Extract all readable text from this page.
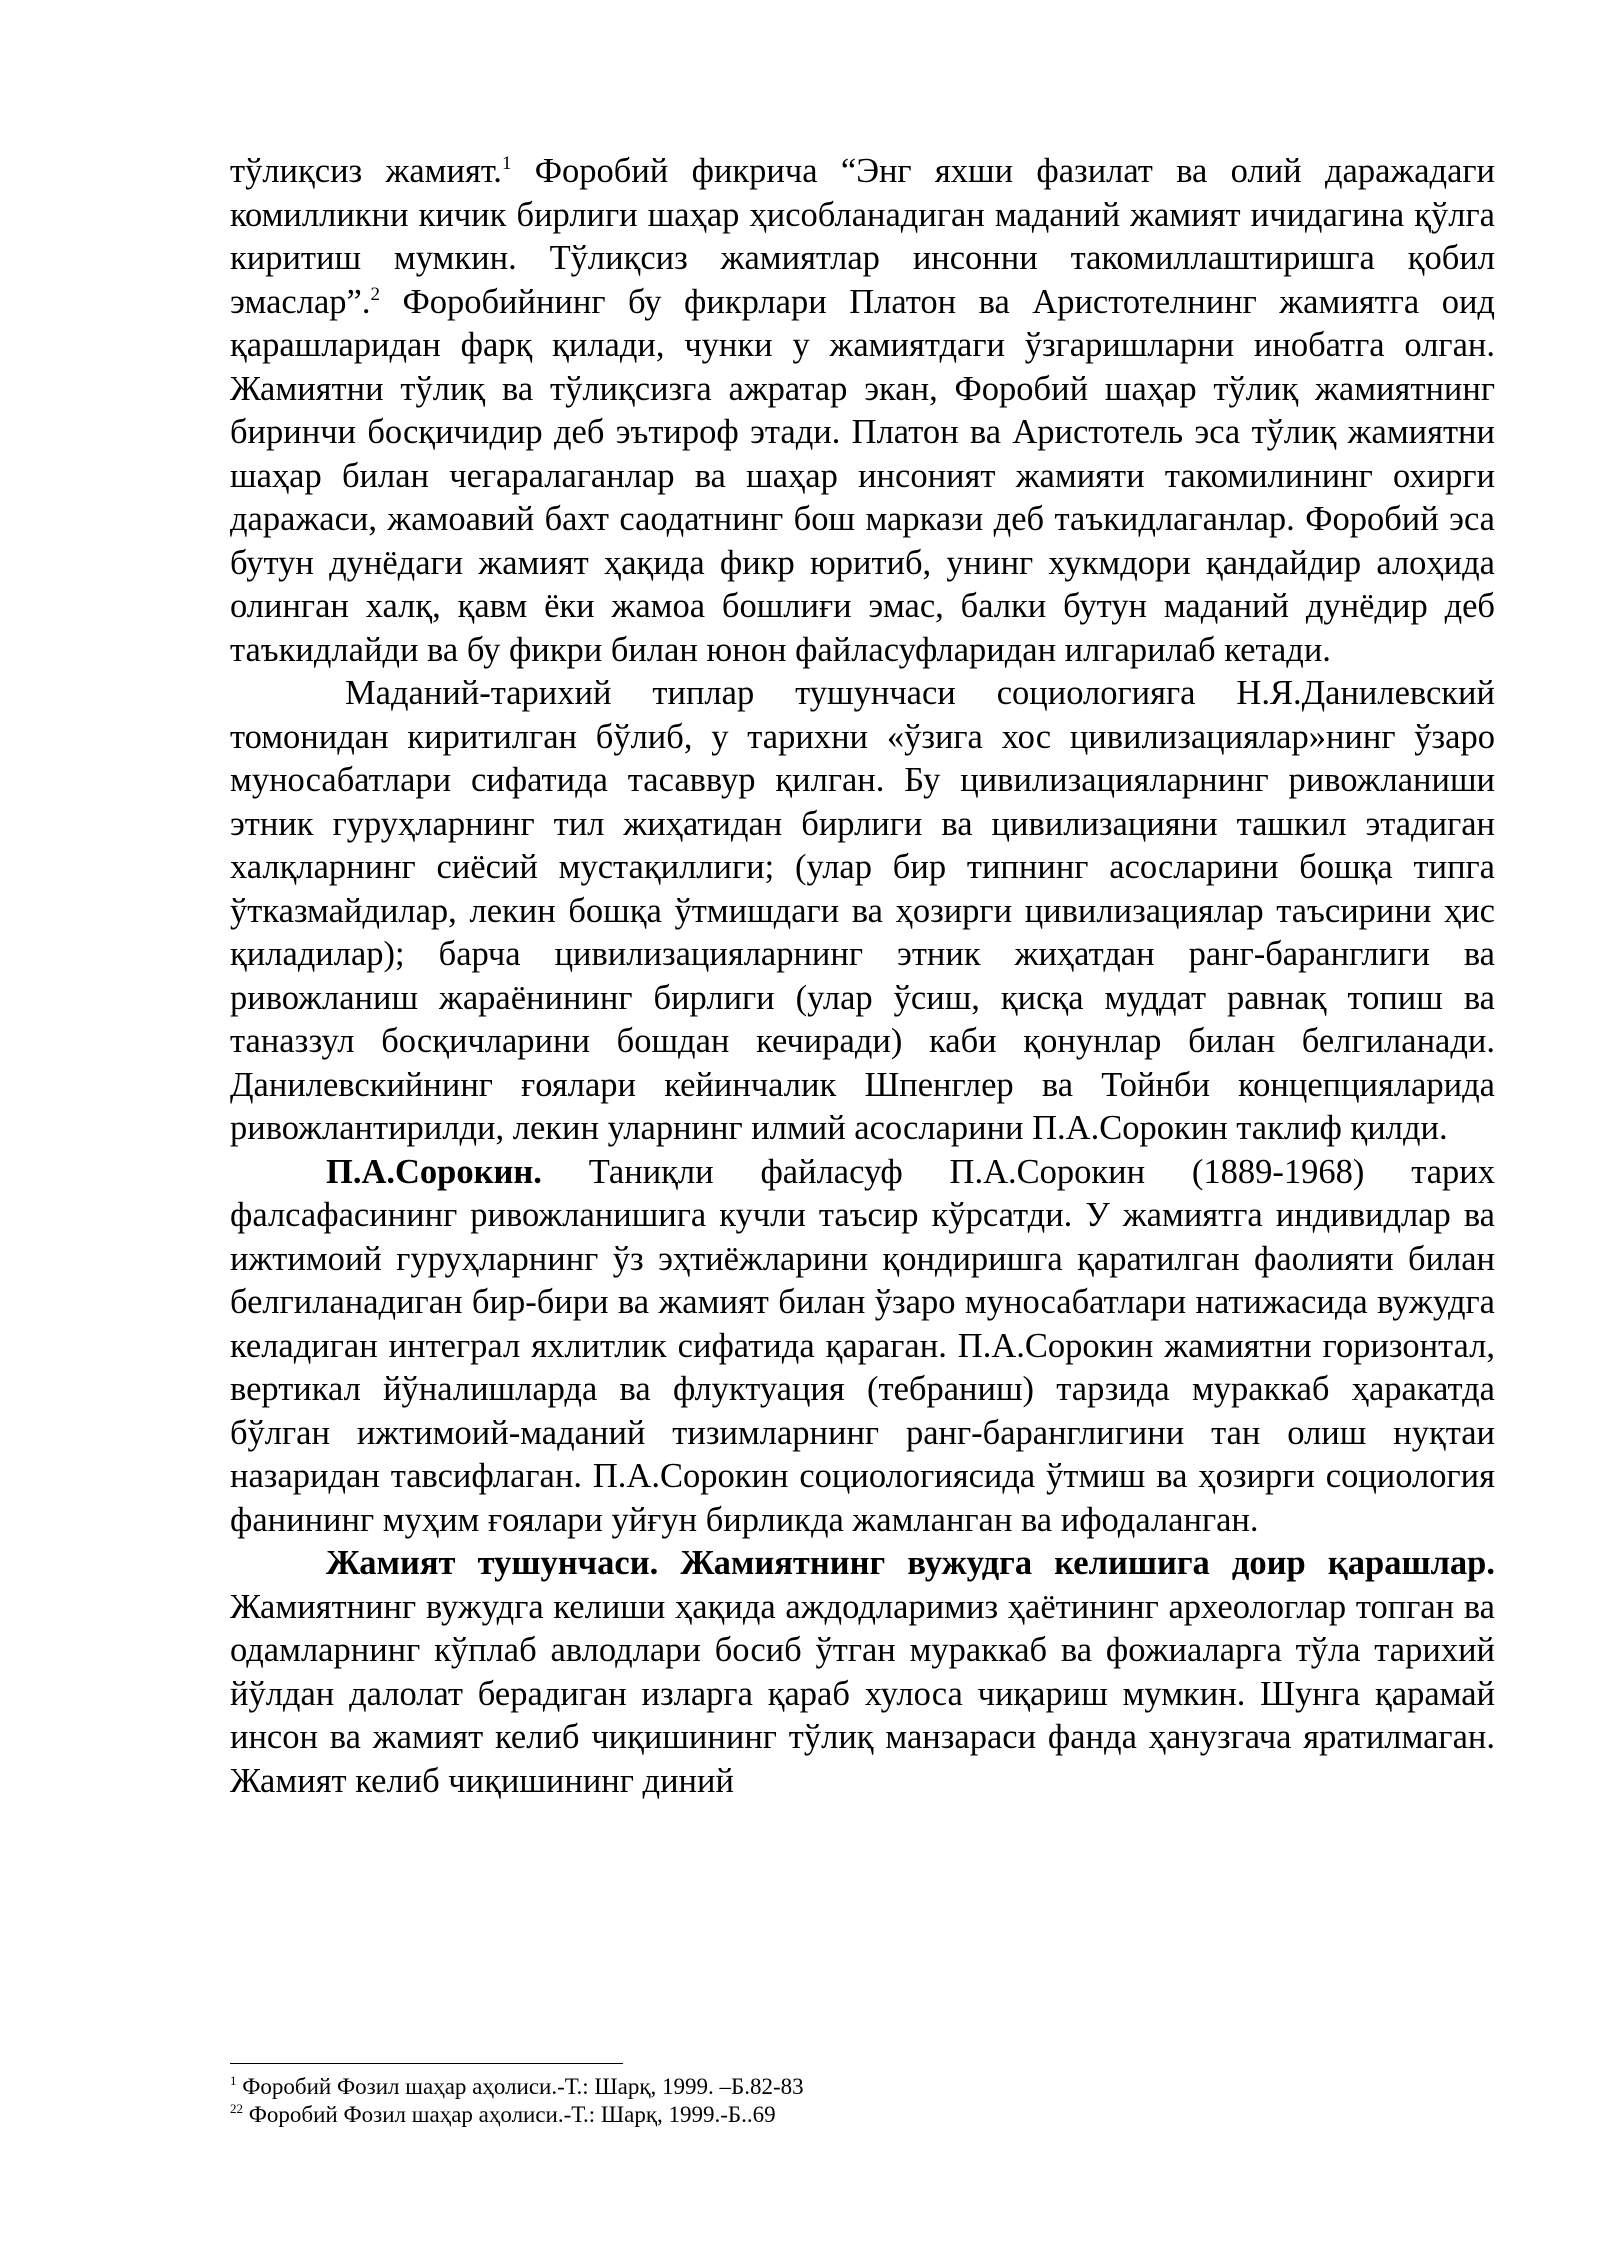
тўлиқсиз жамият.$^1$ Форобий фикрича “Энг яхши фазилат ва олий даражадаги комилликни кичик бирлиги шаҳар ҳисобланадиган маданий жамият ичидагина қўлга киритиш мумкин. Тўлиқсиз жамиятлар инсонни такомиллаштиришга қобил эмаслар”.$^2$ Форобийнинг бу фикрлари Платон ва Аристотелнинг жамиятга оид қарашларидан фарқ қилади, чунки у жамиятдаги ўзгаришларни инобатга олган. Жамиятни тўлиқ ва тўлиқсизга ажратар экан, Форобий шаҳар тўлиқ жамиятнинг биринчи босқичидир деб эътироф этади. Платон ва Аристотель эса тўлиқ жамиятни шаҳар билан чегаралаганлар ва шаҳар инсоният жамияти такомилининг охирги даражаси, жамоавий бахт саодатнинг бош маркази деб таъкидлаганлар. Форобий эса бутун дунёдаги жамият ҳақида фикр юритиб, унинг хукмдори қандайдир алоҳида олинган халқ, қавм ёки жамоа бошлиғи эмас, балки бутун маданий дунёдир деб таъкидлайди ва бу фикри билан юнон файласуфларидан илгарилаб кетади.

Маданий-тарихий типлар тушунчаси социологияга Н.Я.Данилевский томонидан киритилган бўлиб, у тарихни «ўзига хос цивилизациялар»нинг ўзаро муносабатлари сифатида тасаввур қилган. Бу цивилизацияларнинг ривожланиши этник гуруҳларнинг тил жиҳатидан бирлиги ва цивилизацияни ташкил этадиган халқларнинг сиёсий мустақиллиги; (улар бир типнинг асосларини бошқа типга ўтказмайдилар, лекин бошқа ўтмишдаги ва ҳозирги цивилизациялар таъсирини ҳис қиладилар); барча цивилизацияларнинг этник жиҳатдан ранг-бaранглиги ва ривожланиш жараёнининг бирлиги (улар ўсиш, қисқа муддат равнақ топиш ва таназзул босқичларини бошдан кечиради) каби қонунлар билан белгиланади. Данилевскийнинг ғоялари кейинчалик Шпенглер ва Тойнби концепцияларида ривожлантирилди, лекин уларнинг илмий асосларини П.А.Сорокин таклиф қилди.

П.А.Сорокин. Таниқли файласуф П.А.Сорокин (1889-1968) тарих фалсафасининг ривожланишига кучли таъсир кўрсатди. У жамиятга индивидлар ва ижтимоий гуруҳларнинг ўз эҳтиёжларини қондиришга қаратилган фаолияти билан белгиланадиган бир-бири ва жамият билан ўзаро муносабатлари натижасида вужудга келадиган интеграл яхлитлик сифатида қараган. П.А.Сорокин жамиятни горизонтал, вертикал йўналишларда ва флуктуация (тебраниш) тарзида мураккаб ҳаракатда бўлган ижтимоий-маданий тизимларнинг ранг-бaранглигини тан олиш нуқтаи назаридан тавсифлаган. П.А.Сорокин социологиясида ўтмиш ва ҳозирги социология фанининг муҳим ғоялари уйғун бирликда жамланган ва ифодаланган.

Жамият тушунчаси. Жамиятнинг вужудга келишига доир қарашлар. Жамиятнинг вужудга келиши ҳақида аждодларимиз ҳаётининг археологлар топган ва одамларнинг кўплаб авлодлари босиб ўтган мураккаб ва фожиаларга тўла тарихий йўлдан далолат берадиган изларга қараб хулоса чиқариш мумкин. Шунга қарамай инсон ва жамият келиб чиқишининг тўлиқ манзараси фанда ҳанузгача яратилмаган. Жамият келиб чиқишининг диний

$^1$ Форобий Фозил шаҳар аҳолиси.-Т.: Шарқ, 1999. –Б.82-83

$^{22}$ Форобий Фозил шаҳар аҳолиси.-Т.: Шарқ, 1999.-Б..69
